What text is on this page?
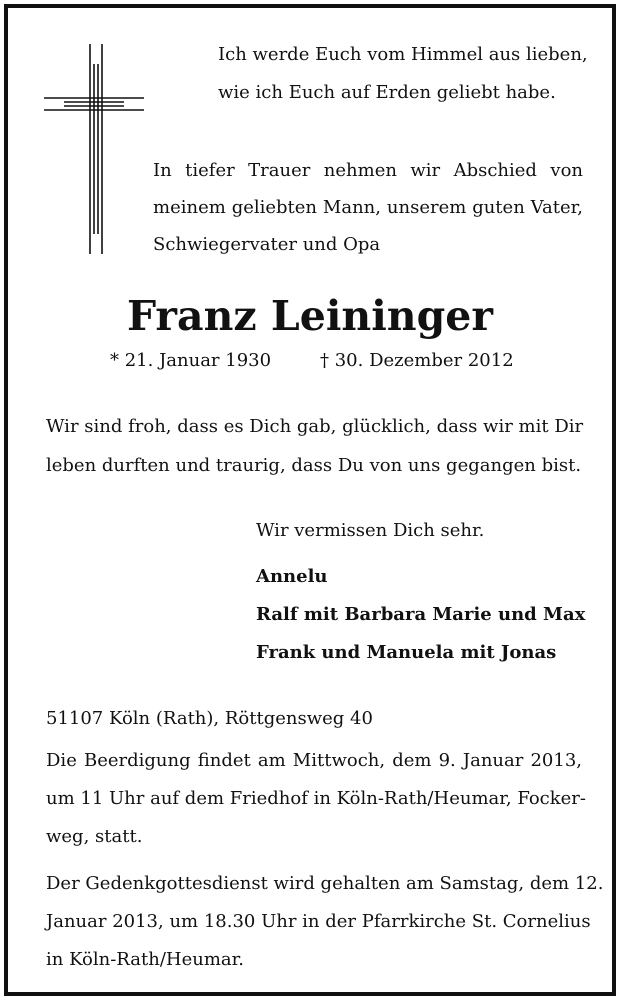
Ich werde Euch vom Himmel aus lieben,
wie ich Euch auf Erden geliebt habe.
In tiefer Trauer nehmen wir Abschied von
meinem geliebten Mann, unserem guten Vater,
Schwiegervater und Opa
Franz Leininger
* 21. Januar 1930	† 30. Dezember 2012
Wir sind froh, dass es Dich gab, glücklich, dass wir mit Dir
leben durften und traurig, dass Du von uns gegangen bist.
Wir vermissen Dich sehr.
Annelu
Ralf mit Barbara Marie und Max
Frank und Manuela mit Jonas
51107 Köln (Rath), Röttgensweg 40
Die Beerdigung findet am Mittwoch, dem 9. Januar 2013,
um 11 Uhr auf dem Friedhof in Köln-Rath/Heumar, Focker-
weg, statt.
Der Gedenkgottesdienst wird gehalten am Samstag, dem 12.
Januar 2013, um 18.30 Uhr in der Pfarrkirche St. Cornelius
in Köln-Rath/Heumar.
